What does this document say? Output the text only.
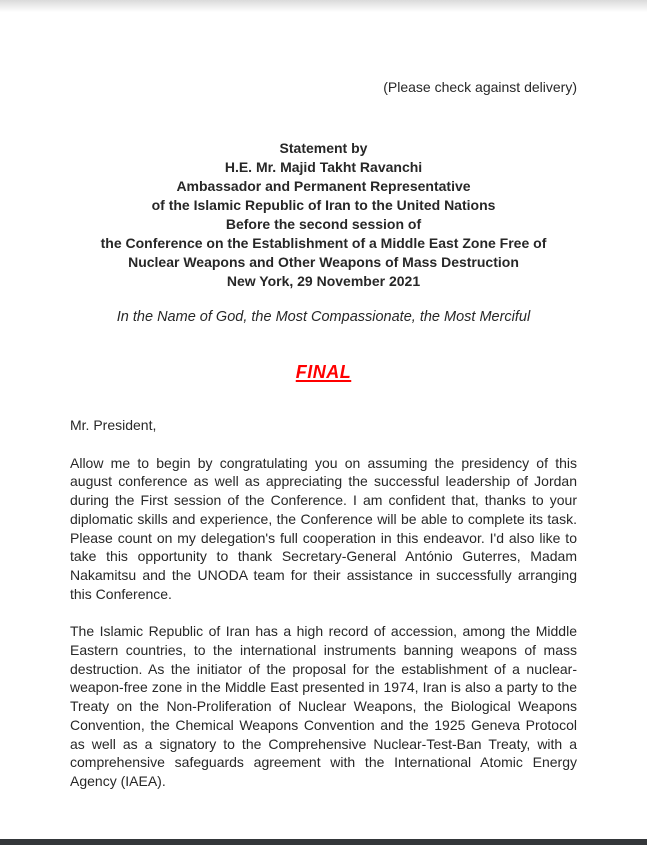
(Please check against delivery)
Statement by
H.E. Mr. Majid Takht Ravanchi
Ambassador and Permanent Representative
of the Islamic Republic of Iran to the United Nations
Before the second session of
the Conference on the Establishment of a Middle East Zone Free of
Nuclear Weapons and Other Weapons of Mass Destruction
New York, 29 November 2021
In the Name of God, the Most Compassionate, the Most Merciful
FINAL
Mr. President,

Allow me to begin by congratulating you on assuming the presidency of this august conference as well as appreciating the successful leadership of Jordan during the First session of the Conference. I am confident that, thanks to your diplomatic skills and experience, the Conference will be able to complete its task. Please count on my delegation's full cooperation in this endeavor. I'd also like to take this opportunity to thank Secretary-General António Guterres, Madam Nakamitsu and the UNODA team for their assistance in successfully arranging this Conference.

The Islamic Republic of Iran has a high record of accession, among the Middle Eastern countries, to the international instruments banning weapons of mass destruction. As the initiator of the proposal for the establishment of a nuclear-weapon-free zone in the Middle East presented in 1974, Iran is also a party to the Treaty on the Non-Proliferation of Nuclear Weapons, the Biological Weapons Convention, the Chemical Weapons Convention and the 1925 Geneva Protocol as well as a signatory to the Comprehensive Nuclear-Test-Ban Treaty, with a comprehensive safeguards agreement with the International Atomic Energy Agency (IAEA).
